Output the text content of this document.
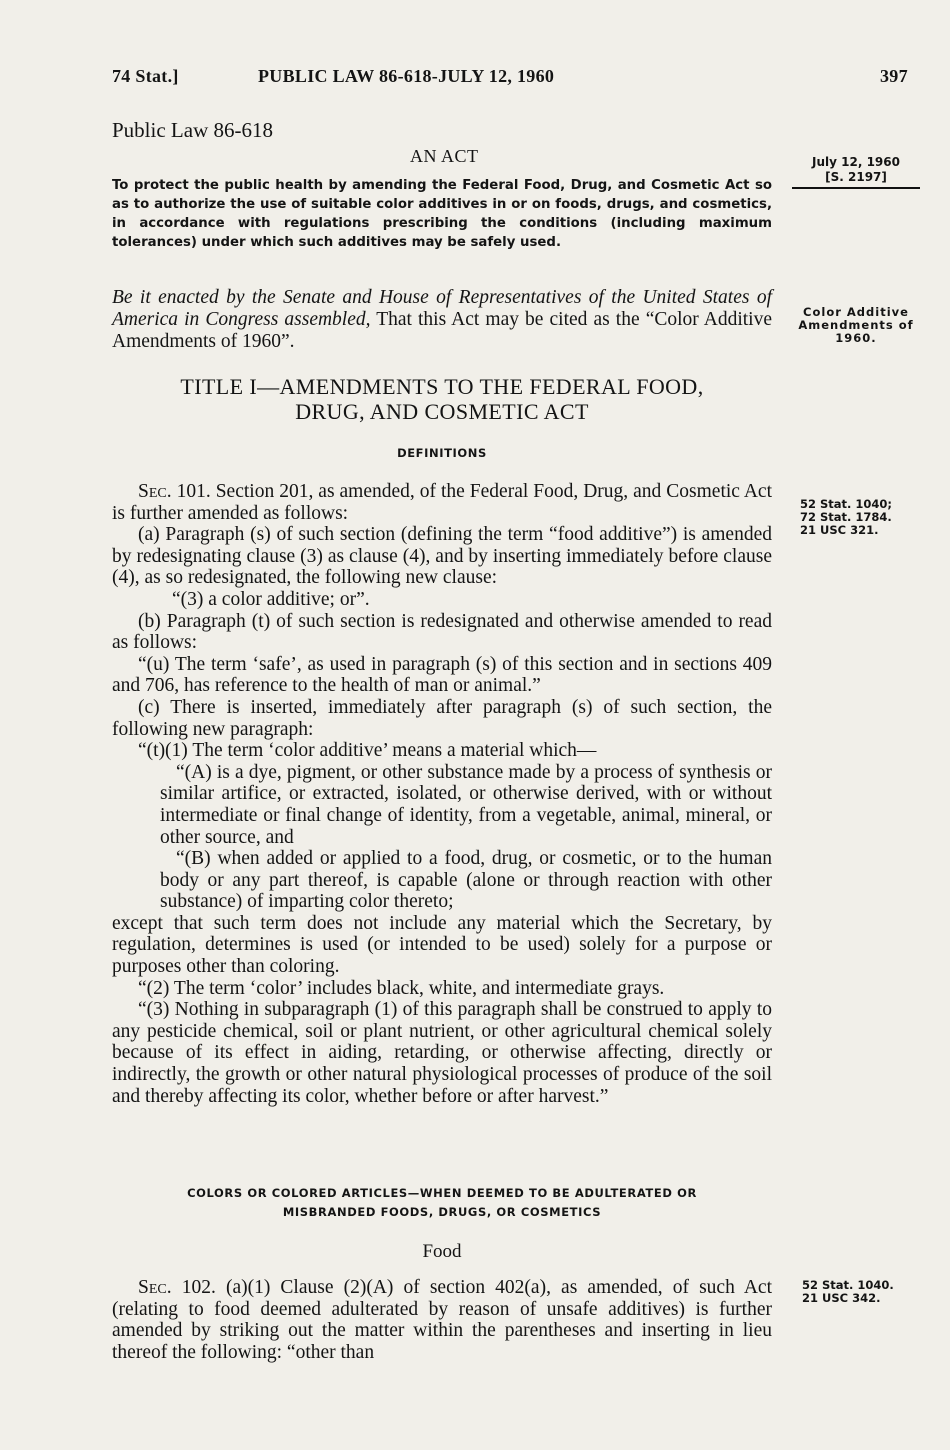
74 Stat.]	PUBLIC LAW 86-618-JULY 12, 1960	397
Public Law 86-618
AN ACT
To protect the public health by amending the Federal Food, Drug, and Cosmetic Act so as to authorize the use of suitable color additives in or on foods, drugs, and cosmetics, in accordance with regulations prescribing the conditions (including maximum tolerances) under which such additives may be safely used.
July 12, 1960
[S. 2197]
Color Additive Amendments of 1960.
52 Stat. 1040;
72 Stat. 1784.
21 USC 321.
52 Stat. 1040.
21 USC 342.
Be it enacted by the Senate and House of Representatives of the United States of America in Congress assembled, That this Act may be cited as the “Color Additive Amendments of 1960”.
TITLE I—AMENDMENTS TO THE FEDERAL FOOD,
DRUG, AND COSMETIC ACT
DEFINITIONS

Sec. 101. Section 201, as amended, of the Federal Food, Drug, and Cosmetic Act is further amended as follows:

(a) Paragraph (s) of such section (defining the term “food additive”) is amended by redesignating clause (3) as clause (4), and by inserting immediately before clause (4), as so redesignated, the following new clause:

“(3) a color additive; or”.

(b) Paragraph (t) of such section is redesignated and otherwise amended to read as follows:

“(u) The term ‘safe’, as used in paragraph (s) of this section and in sections 409 and 706, has reference to the health of man or animal.”

(c) There is inserted, immediately after paragraph (s) of such section, the following new paragraph:

“(t)(1) The term ‘color additive’ means a material which—

“(A) is a dye, pigment, or other substance made by a process of synthesis or similar artifice, or extracted, isolated, or otherwise derived, with or without intermediate or final change of identity, from a vegetable, animal, mineral, or other source, and

“(B) when added or applied to a food, drug, or cosmetic, or to the human body or any part thereof, is capable (alone or through reaction with other substance) of imparting color thereto;

except that such term does not include any material which the Secretary, by regulation, determines is used (or intended to be used) solely for a purpose or purposes other than coloring.

“(2) The term ‘color’ includes black, white, and intermediate grays.

“(3) Nothing in subparagraph (1) of this paragraph shall be construed to apply to any pesticide chemical, soil or plant nutrient, or other agricultural chemical solely because of its effect in aiding, retarding, or otherwise affecting, directly or indirectly, the growth or other natural physiological processes of produce of the soil and thereby affecting its color, whether before or after harvest.”

COLORS OR COLORED ARTICLES—WHEN DEEMED TO BE ADULTERATED OR
MISBRANDED FOODS, DRUGS, OR COSMETICS
Food

Sec. 102. (a)(1) Clause (2)(A) of section 402(a), as amended, of such Act (relating to food deemed adulterated by reason of unsafe additives) is further amended by striking out the matter within the parentheses and inserting in lieu thereof the following: “other than
